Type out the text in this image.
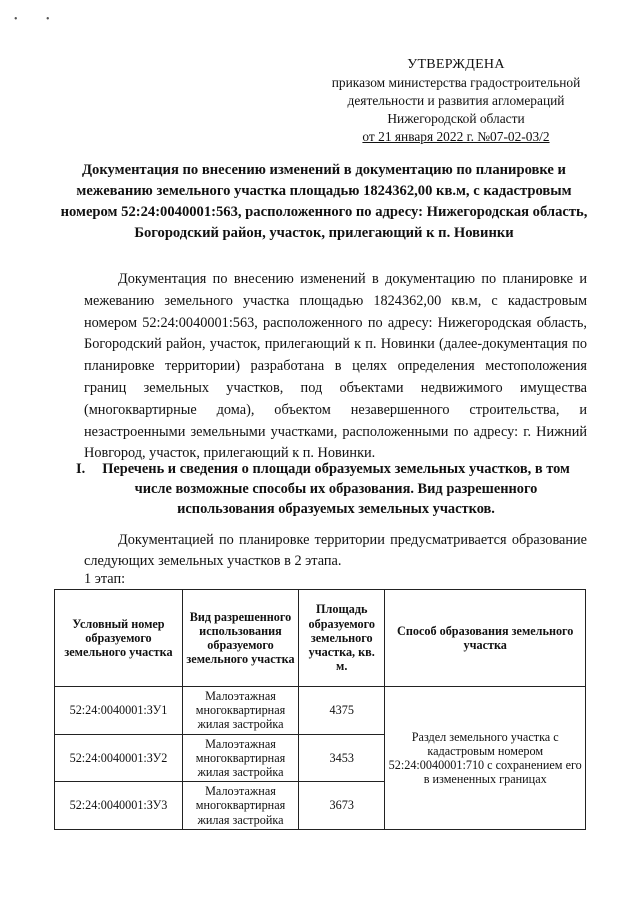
•	•
УТВЕРЖДЕНА
приказом министерства градостроительной
деятельности и развития агломераций
Нижегородской области
от 21 января 2022 г. №07-02-03/2
Документация по внесению изменений в документацию по планировке и межеванию земельного участка площадью 1824362,00 кв.м, с кадастровым номером 52:24:0040001:563, расположенного по адресу: Нижегородская область, Богородский район, участок, прилегающий к п. Новинки
Документация по внесению изменений в документацию по планировке и межеванию земельного участка площадью 1824362,00 кв.м, с кадастровым номером 52:24:0040001:563, расположенного по адресу: Нижегородская область, Богородский район, участок, прилегающий к п. Новинки (далее-документация по планировке территории) разработана в целях определения местоположения границ земельных участков, под объектами недвижимого имущества (многоквартирные дома), объектом незавершенного строительства, и незастроенными земельными участками, расположенными по адресу: г. Нижний Новгород, участок, прилегающий к п. Новинки.
I.	Перечень и сведения о площади образуемых земельных участков, в том числе возможные способы их образования. Вид разрешенного использования образуемых земельных участков.
Документацией по планировке территории предусматривается образование следующих земельных участков в 2 этапа.
1 этап:
Условный номер образуемого земельного участка	Вид разрешенного использования образуемого земельного участка	Площадь образуемого земельного участка, кв. м.	Способ образования земельного участка
52:24:0040001:ЗУ1	Малоэтажная многоквартирная жилая застройка	4375	Раздел земельного участка с кадастровым номером 52:24:0040001:710 с сохранением его в измененных границах
52:24:0040001:ЗУ2	Малоэтажная многоквартирная жилая застройка	3453	
52:24:0040001:ЗУ3	Малоэтажная многоквартирная жилая застройка	3673	
